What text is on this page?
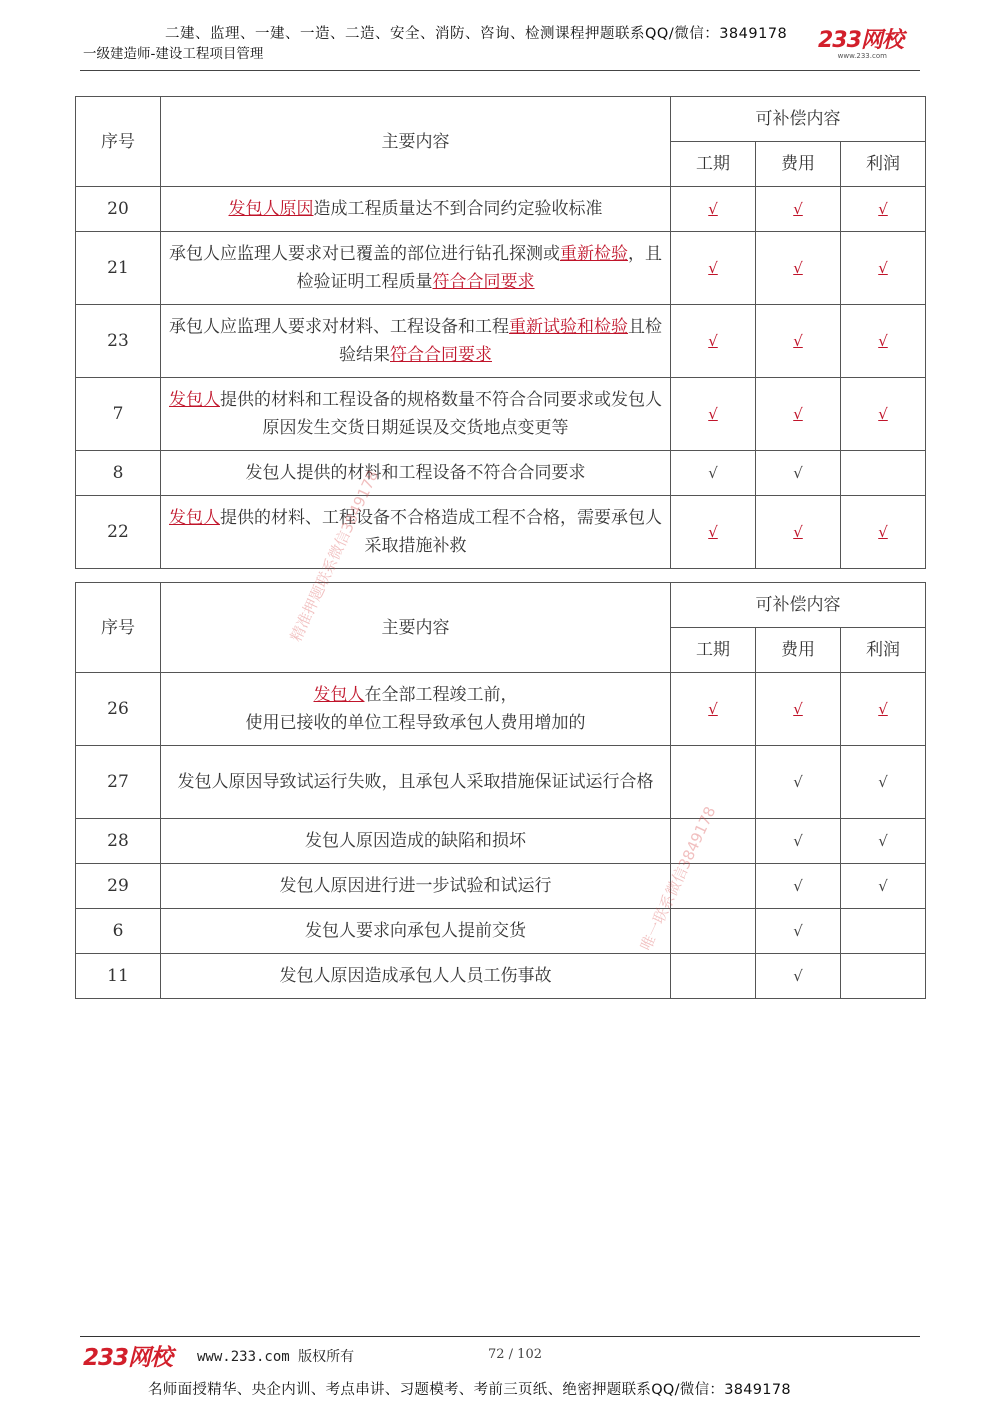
二建、监理、一建、一造、二造、安全、消防、咨询、检测课程押题联系QQ/微信：3849178
一级建造师-建设工程项目管理
233网校
www.233.com
序号	主要内容	可补偿内容		
		工期	费用	利润
20	发包人原因造成工程质量达不到合同约定验收标准	√	√	√
21	承包人应监理人要求对已覆盖的部位进行钻孔探测或重新检验，且检验证明工程质量符合合同要求	√	√	√
23	承包人应监理人要求对材料、工程设备和工程重新试验和检验且检验结果符合合同要求	√	√	√
7	发包人提供的材料和工程设备的规格数量不符合合同要求或发包人原因发生交货日期延误及交货地点变更等	√	√	√
8	发包人提供的材料和工程设备不符合合同要求	√	√	
22	发包人提供的材料、工程设备不合格造成工程不合格，需要承包人采取措施补救	√	√	√
序号	主要内容	可补偿内容		
		工期	费用	利润
26	发包人在全部工程竣工前，
使用已接收的单位工程导致承包人费用增加的	√	√	√
27	发包人原因导致试运行失败，且承包人采取措施保证试运行合格		√	√
28	发包人原因造成的缺陷和损坏		√	√
29	发包人原因进行进一步试验和试运行		√	√
6	发包人要求向承包人提前交货		√	
11	发包人原因造成承包人人员工伤事故		√	
精准押题联系微信3849178
唯一联系微信3849178
233网校 www.233.com 版权所有	72 / 102
名师面授精华、央企内训、考点串讲、习题模考、考前三页纸、绝密押题联系QQ/微信：3849178
